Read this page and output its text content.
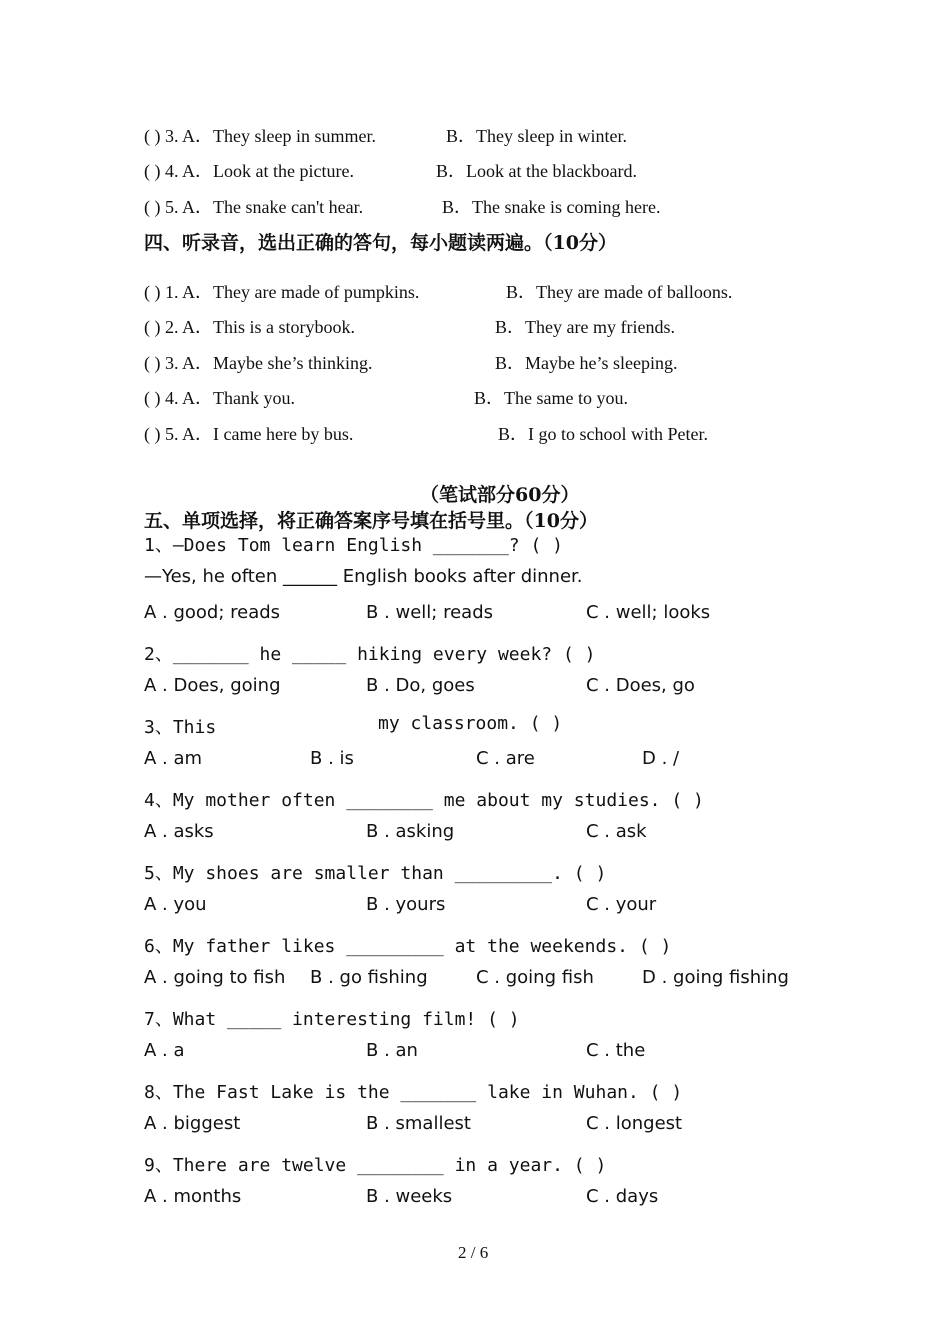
( ) 3. A．They sleep in summer.	B．They sleep in winter.
( ) 4. A．Look at the picture.	B．Look at the blackboard.
( ) 5. A．The snake can't hear.	B．The snake is coming here.
四、听录音，选出正确的答句，每小题读两遍。（10分）
( ) 1. A．They are made of pumpkins.	B．They are made of balloons.
( ) 2. A．This is a storybook.	B．They are my friends.
( ) 3. A．Maybe she’s thinking.	B．Maybe he’s sleeping.
( ) 4. A．Thank you.	B．The same to you.
( ) 5. A．I came here by bus.	B．I go to school with Peter.
（笔试部分60分）
五、单项选择，将正确答案序号填在括号里。（10分）
1、—Does Tom learn English _______? ( )
—Yes, he often ______ English books after dinner.
A . good; reads	B . well; reads	C . well; looks
2、_______ he _____ hiking every week? ( )
A . Does, going	B . Do, goes	C . Does, go
3、This	my classroom. ( )
A . am	B . is	C . are	D . /
4、My mother often ________ me about my studies. ( )
A . asks	B . asking	C . ask
5、My shoes are smaller than _________. ( )
A . you	B . yours	C . your
6、My father likes _________ at the weekends. ( )
A . going to fish B . go fishing	C . going fish	D . going fishing
7、What _____ interesting film! ( )
A . a	B . an	C . the
8、The Fast Lake is the _______ lake in Wuhan. ( )
A . biggest	B . smallest	C . longest
9、There are twelve ________ in a year. ( )
A . months	B . weeks	C . days
2 / 6
